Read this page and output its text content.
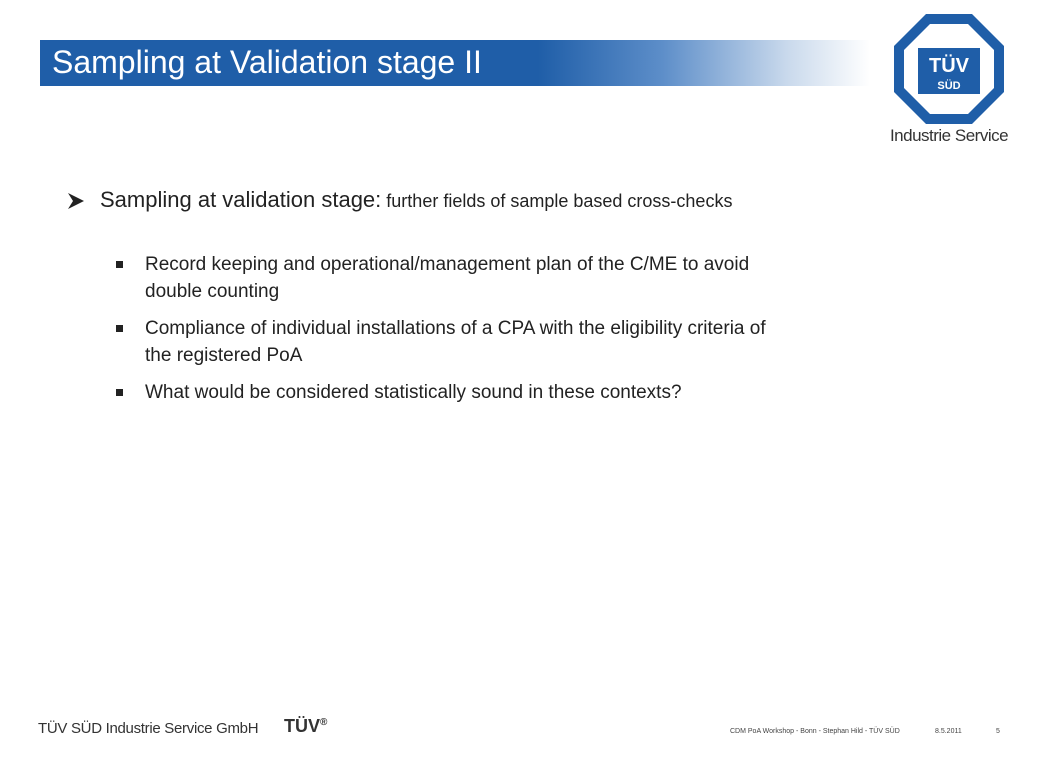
Sampling at Validation stage II	TÜV
SÜD
Industrie Service
Sampling at validation stage: further fields of sample based cross-checks
Record keeping and operational/management plan of the C/ME to avoid double counting
Compliance of individual installations of a CPA with the eligibility criteria of the registered PoA
What would be considered statistically sound in these contexts?
TÜV SÜD Industrie Service GmbH TÜV®
CDM PoA Workshop - Bonn - Stephan Hild - TÜV SÜD	8.5.2011	5
